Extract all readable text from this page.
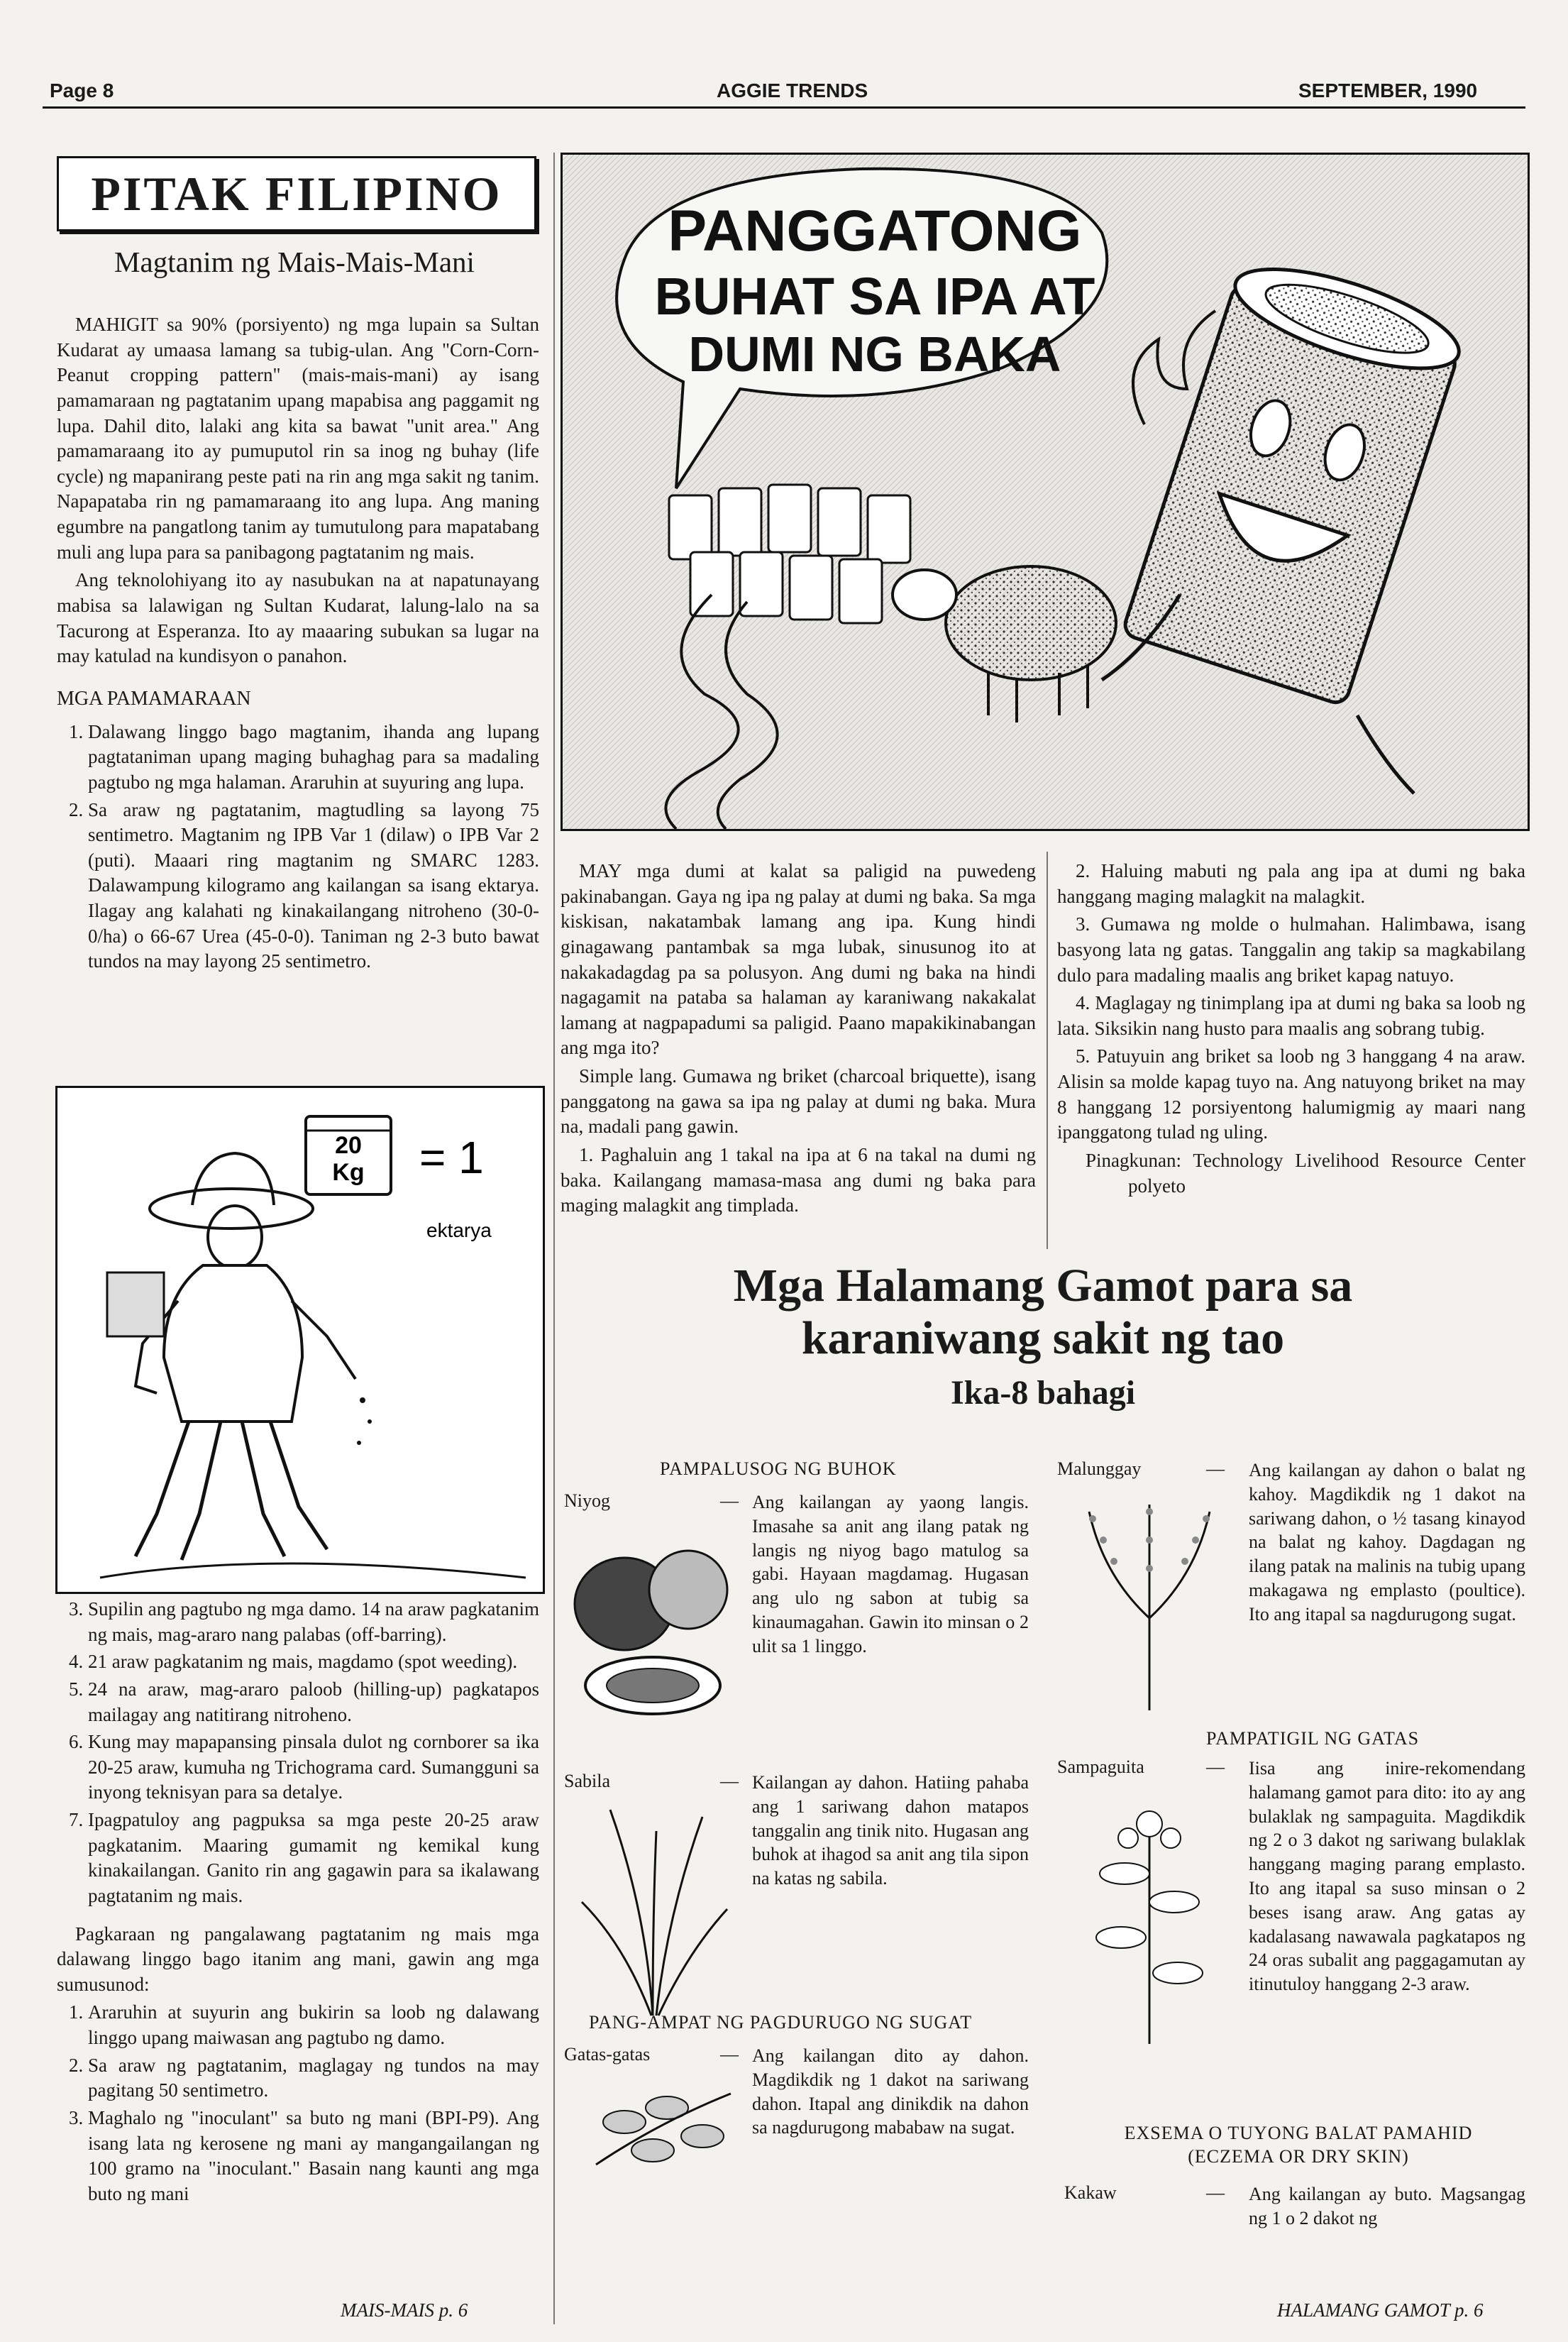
Page 8	AGGIE TRENDS	SEPTEMBER, 1990
PITAK FILIPINO
Magtanim ng Mais-Mais-Mani

MAHIGIT sa 90% (porsiyento) ng mga lupain sa Sultan Kudarat ay umaasa lamang sa tubig-ulan. Ang "Corn-Corn-Peanut cropping pattern" (mais-mais-mani) ay isang pamamaraan ng pagtatanim upang mapabisa ang paggamit ng lupa. Dahil dito, lalaki ang kita sa bawat "unit area." Ang pamamaraang ito ay pumuputol rin sa inog ng buhay (life cycle) ng mapanirang peste pati na rin ang mga sakit ng tanim. Napapataba rin ng pamamaraang ito ang lupa. Ang maning egumbre na pangatlong tanim ay tumutulong para mapatabang muli ang lupa para sa panibagong pagtatanim ng mais.

Ang teknolohiyang ito ay nasubukan na at napatunayang mabisa sa lalawigan ng Sultan Kudarat, lalung-lalo na sa Tacurong at Esperanza. Ito ay maaaring subukan sa lugar na may katulad na kundisyon o panahon.

MGA PAMAMARAAN
1. Dalawang linggo bago magtanim, ihanda ang lupang pagtataniman upang maging buhaghag para sa madaling pagtubo ng mga halaman. Araruhin at suyuring ang lupa.
2. Sa araw ng pagtatanim, magtudling sa layong 75 sentimetro. Magtanim ng IPB Var 1 (dilaw) o IPB Var 2 (puti). Maaari ring magtanim ng SMARC 1283. Dalawampung kilogramo ang kailangan sa isang ektarya. Ilagay ang kalahati ng kinakailangang nitroheno (30-0-0/ha) o 66-67 Urea (45-0-0). Taniman ng 2-3 buto bawat tundos na may layong 25 sentimetro.
20
Kg = 1
ektarya
3. Supilin ang pagtubo ng mga damo. 14 na araw pagkatanim ng mais, mag-araro nang palabas (off-barring).
4. 21 araw pagkatanim ng mais, magdamo (spot weeding).
5. 24 na araw, mag-araro paloob (hilling-up) pagkatapos mailagay ang natitirang nitroheno.
6. Kung may mapapansing pinsala dulot ng cornborer sa ika 20-25 araw, kumuha ng Trichograma card. Sumangguni sa inyong teknisyan para sa detalye.
7. Ipagpatuloy ang pagpuksa sa mga peste 20-25 araw pagkatanim. Maaring gumamit ng kemikal kung kinakailangan. Ganito rin ang gagawin para sa ikalawang pagtatanim ng mais.

Pagkaraan ng pangalawang pagtatanim ng mais mga dalawang linggo bago itanim ang mani, gawin ang mga sumusunod:

1. Araruhin at suyurin ang bukirin sa loob ng dalawang linggo upang maiwasan ang pagtubo ng damo.
2. Sa araw ng pagtatanim, maglagay ng tundos na may pagitang 50 sentimetro.
3. Maghalo ng "inoculant" sa buto ng mani (BPI-P9). Ang isang lata ng kerosene ng mani ay mangangailangan ng 100 gramo na "inoculant." Basain nang kaunti ang mga buto ng mani
MAIS-MAIS p. 6
PANGGATONG
BUHAT SA IPA AT
DUMI NG BAKA

MAY mga dumi at kalat sa paligid na puwedeng pakinabangan. Gaya ng ipa ng palay at dumi ng baka. Sa mga kiskisan, nakatambak lamang ang ipa. Kung hindi ginagawang pantambak sa mga lubak, sinusunog ito at nakakadagdag pa sa polusyon. Ang dumi ng baka na hindi nagagamit na pataba sa halaman ay karaniwang nakakalat lamang at nagpapadumi sa paligid. Paano mapakikinabangan ang mga ito?

Simple lang. Gumawa ng briket (charcoal briquette), isang panggatong na gawa sa ipa ng palay at dumi ng baka. Mura na, madali pang gawin.

1. Paghaluin ang 1 takal na ipa at 6 na takal na dumi ng baka. Kailangang mamasa-masa ang dumi ng baka para maging malagkit ang timplada.

2. Haluing mabuti ng pala ang ipa at dumi ng baka hanggang maging malagkit na malagkit.

3. Gumawa ng molde o hulmahan. Halimbawa, isang basyong lata ng gatas. Tanggalin ang takip sa magkabilang dulo para madaling maalis ang briket kapag natuyo.

4. Maglagay ng tinimplang ipa at dumi ng baka sa loob ng lata. Siksikin nang husto para maalis ang sobrang tubig.

5. Patuyuin ang briket sa loob ng 3 hanggang 4 na araw. Alisin sa molde kapag tuyo na. Ang natuyong briket na may 8 hanggang 12 porsiyentong halumigmig ay maari nang ipanggatong tulad ng uling.

Pinagkunan: Technology Livelihood Resource Center polyeto

Mga Halamang Gamot para sa
karaniwang sakit ng tao
Ika-8 bahagi
PAMPALUSOG NG BUHOK
Niyog	— Ang kailangan ay yaong langis. Imasahe sa anit ang ilang patak ng langis ng niyog bago matulog sa gabi. Hayaan magdamag. Hugasan ang ulo ng sabon at tubig sa kinaumagahan. Gawin ito minsan o 2 ulit sa 1 linggo.
Sabila	— Kailangan ay dahon. Hatiing pahaba ang 1 sariwang dahon matapos tanggalin ang tinik nito. Hugasan ang buhok at ihagod sa anit ang tila sipon na katas ng sabila.
PANG-AMPAT NG PAGDURUGO NG SUGAT
Gatas-gatas	— Ang kailangan dito ay dahon. Magdikdik ng 1 dakot na sariwang dahon. Itapal ang dinikdik na dahon sa nagdurugong mababaw na sugat.
Malunggay	— Ang kailangan ay dahon o balat ng kahoy. Magdikdik ng 1 dakot na sariwang dahon, o ½ tasang kinayod na balat ng kahoy. Dagdagan ng ilang patak na malinis na tubig upang makagawa ng emplasto (poultice). Ito ang itapal sa nagdurugong sugat.
PAMPATIGIL NG GATAS
Sampaguita	— Iisa ang inire-rekomendang halamang gamot para dito: ito ay ang bulaklak ng sampaguita. Magdikdik ng 2 o 3 dakot ng sariwang bulaklak hanggang maging parang emplasto. Ito ang itapal sa suso minsan o 2 beses isang araw. Ang gatas ay kadalasang nawawala pagkatapos ng 24 oras subalit ang paggagamutan ay itinutuloy hanggang 2-3 araw.
EXSEMA O TUYONG BALAT PAMAHID
(ECZEMA OR DRY SKIN)
Kakaw	— Ang kailangan ay buto. Magsangag ng 1 o 2 dakot ng
HALAMANG GAMOT p. 6
